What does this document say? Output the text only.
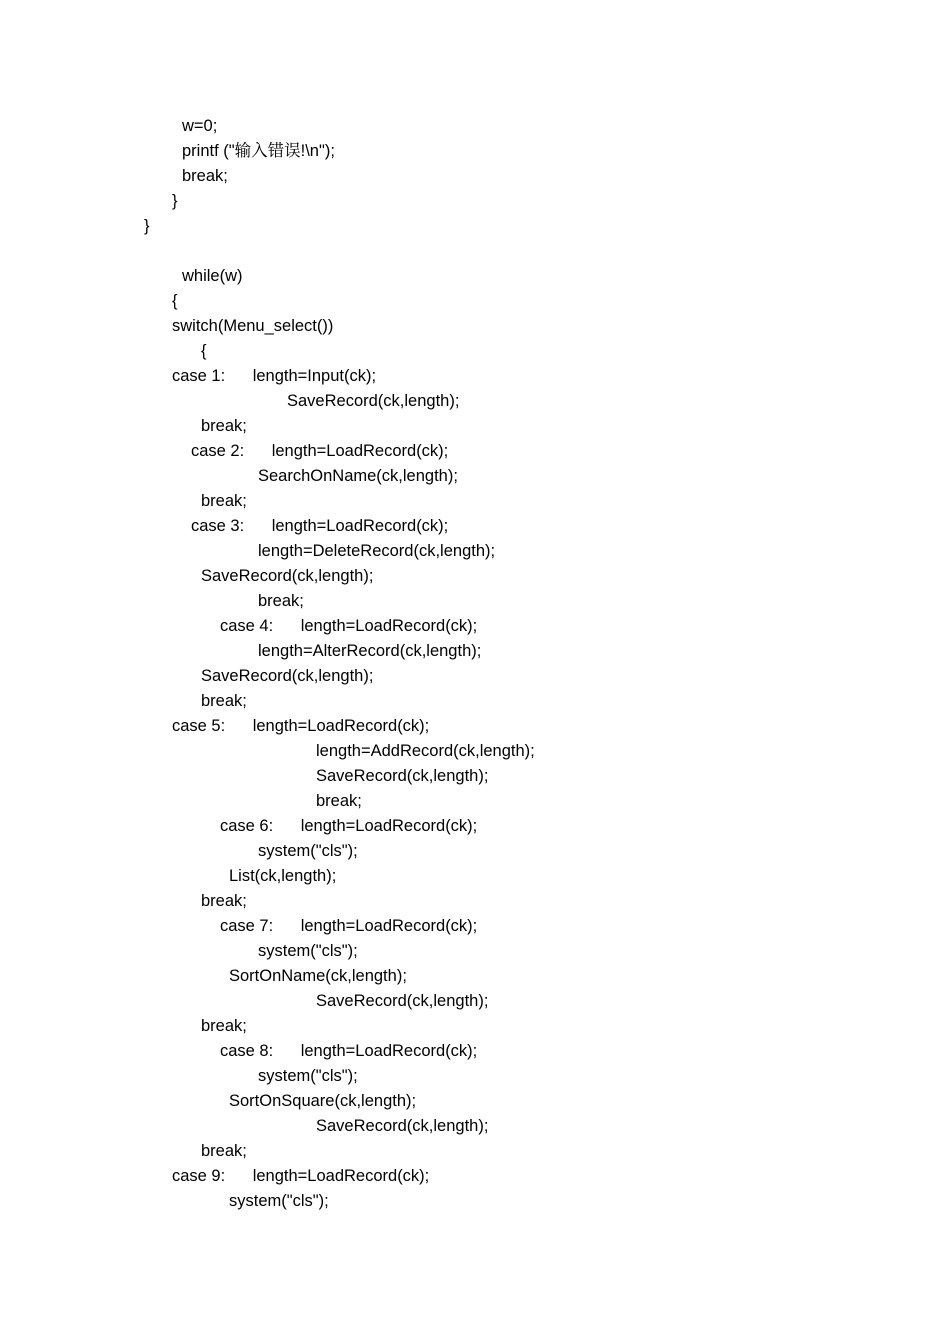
w=0;
printf ("输入错误!\n");
break;
}
}
while(w)
{
switch(Menu_select())
{
case 1:      length=Input(ck);
SaveRecord(ck,length);
break;
case 2:      length=LoadRecord(ck);
SearchOnName(ck,length);
break;
case 3:      length=LoadRecord(ck);
length=DeleteRecord(ck,length);
SaveRecord(ck,length);
break;
case 4:      length=LoadRecord(ck);
length=AlterRecord(ck,length);
SaveRecord(ck,length);
break;
case 5:      length=LoadRecord(ck);
length=AddRecord(ck,length);
SaveRecord(ck,length);
break;
case 6:      length=LoadRecord(ck);
system("cls");
List(ck,length);
break;
case 7:      length=LoadRecord(ck);
system("cls");
SortOnName(ck,length);
SaveRecord(ck,length);
break;
case 8:      length=LoadRecord(ck);
system("cls");
SortOnSquare(ck,length);
SaveRecord(ck,length);
break;
case 9:      length=LoadRecord(ck);
system("cls");
